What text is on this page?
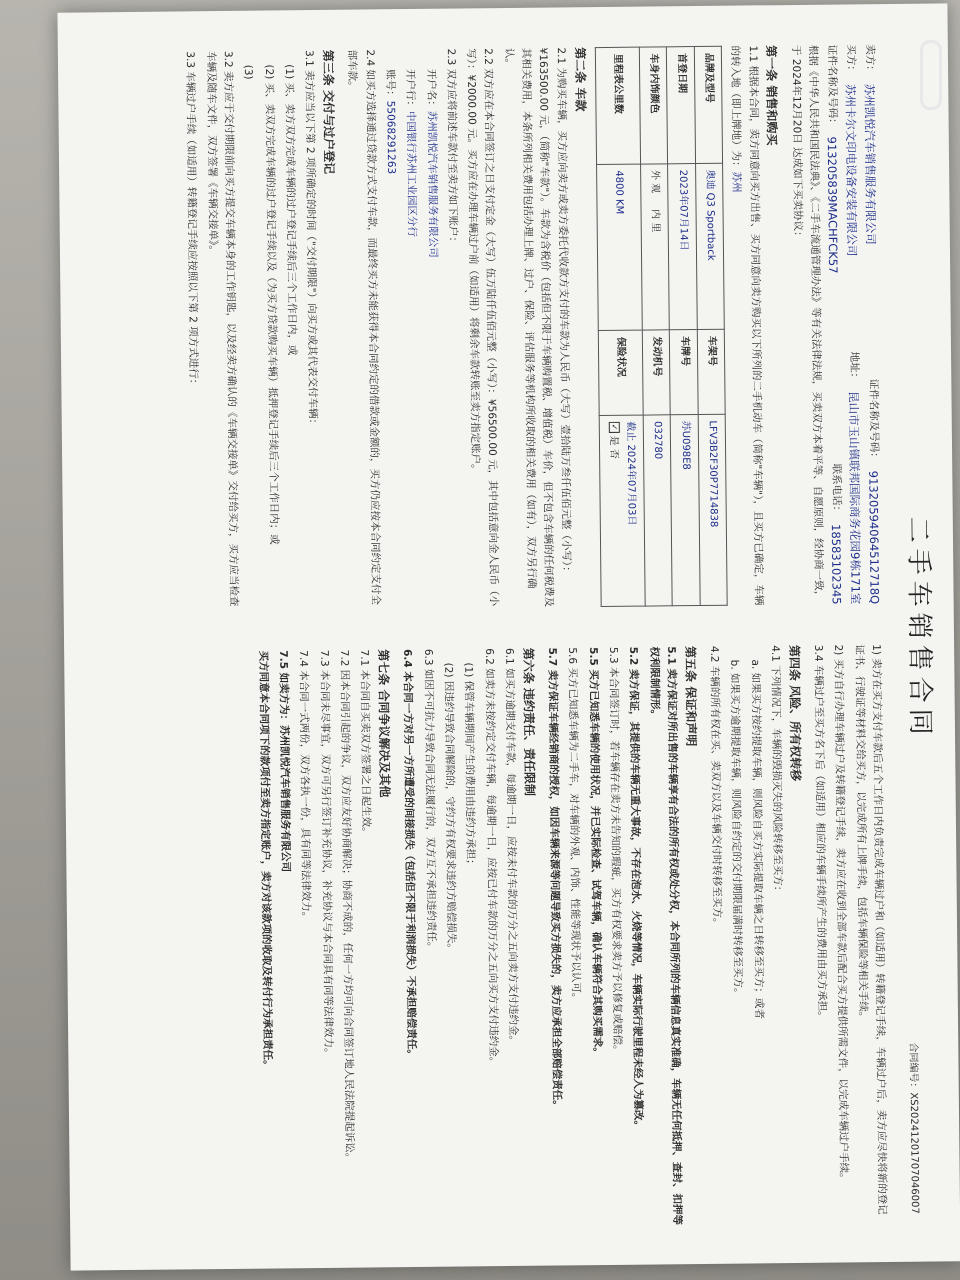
二手车销售合同
合同编号：XS20241201707046007
卖方：
苏州凯悦汽车销售服务有限公司
证件名称及号码：
91320594064512718Q
买方：
苏州卡尔文印电设备安装有限公司
地址：
昆山市玉山镇联邦国际商务花园9栋171室
证件名称及号码：
913205839MACHFCK57
联系电话：
18583102345

根据《中华人民共和国民法典》、《二手车流通管理办法》等有关法律法规，买卖双方本着平等、自愿原则，经协商一致，于 2024年12月20日 达成如下买卖协议：

第一条 销售和购买

1.1 根据本合同，卖方同意向买方出售、买方同意向卖方购买以下所列的二手机动车（简称"车辆"），且买方已确定，车辆的转入地（即上牌地）为：苏州

品牌及型号	奥迪 Q3 Sportback	车架号	LFV3B2F30P7714838
首登日期	2023年07月14日	车牌号	苏U098E8
车身内饰颜色	外 观     内 里	发动机号	032780
里程表公里数	4800 KM	保险状况	截止 2024年07月03日
✓ 是 否
第二条 车款

2.1 为购买车辆，买方应向卖方或卖方委托代收款方支付的车款为人民币（大写）壹拾陆万叁仟伍佰元整（小写）：¥163500.00 元，（简称"车款"）。车款为含税价（包括但不限于车辆购置税、增值税）车价，但不包含车辆的任何税费及其相关费用，本条所列相关费用包括办理上牌、过户、保险、评估服务等机构所收取的相关费用（如有），双方另行确认。

2.2 双方应在本合同签订之日支付定金（大写）伍万陆仟伍佰元整（小写）：¥56500.00 元，其中包括意向金人民币（小写）：¥2000.00 元。买方应在办理车辆过户前（如适用）将剩余车款转账至卖方指定账户。

2.3 双方应将前述车款付至卖方如下账户：

开户名：苏州凯悦汽车销售服务有限公司

开户行：中国银行苏州工业园区分行

账号：55068291263

2.4 如买方选择通过贷款方式支付车款，而最终买方未能获得本合同约定的借款或金额的，买方仍应按本合同约定支付全部车款。

第三条 交付与过户登记

3.1 卖方应当以下第 2 项所确定的时间（"交付期限"）向买方或其代表交付车辆：

(1) 买、卖方双方完成车辆的过户登记手续后三个工作日内，或

(2) 买、卖双方完成车辆的过户登记手续以及（为买方贷款购买车辆）抵押登记手续后三个工作日内；或

(3)

3.2 卖方应于交付期限前向买方提交车辆本身的工作钥匙，以及经卖方确认的《车辆交接单》交付给买方，买方应当检查车辆及随车文件，双方签署《车辆交接单》。

3.3 车辆过户手续（如适用）转籍登记手续应按照以下第 2 项方式进行：

1) 卖方在买方支付车款后五个工作日内负责完成车辆过户和（如适用）转籍登记手续，车辆过户后，卖方应尽快将新的登记证书、行驶证等材料交给买方，以完成所有上牌手续，包括车辆保险等相关手续。

2) 买方自行办理车辆过户及转籍登记手续，卖方应在收到全部车款后配合买方提供所需文件，以完成车辆过户手续。

3.4 车辆过户至买方名下后（如适用）相应的车辆手续所产生的费用由买方承担。

第四条 风险、所有权转移

4.1 下列情况下，车辆的毁损灭失的风险转移至买方：

a. 如果买方按约提取车辆，则风险自买方实际提取车辆之日转移至买方；或者

b. 如果买方逾期提取车辆，则风险自约定的交付期限届满时转移至买方。

4.2 车辆的所有权在买、卖双方以及车辆交付时转移至买方。

第五条 保证和声明

5.1 卖方保证对所出售的车辆享有合法的所有权或处分权，本合同所列的车辆信息真实准确，车辆无任何抵押、查封、扣押等权利限制情形。

5.2 卖方保证，其提供的车辆无重大事故，不存在泡水、火烧等情况，车辆实际行驶里程未经人为篡改。

5.3 本合同签订时，若车辆存在卖方未告知的瑕疵，买方有权要求卖方予以修复或赔偿。

5.5 买方已知悉车辆的使用状况，并已实际检查、试驾车辆，确认车辆符合其购买需求。

5.6 买方已知悉车辆为二手车，对车辆的外观、内饰、性能等现状予以认可。

5.7 卖方保证车辆经销商的授权，如因车辆来源等问题导致买方损失的，卖方应承担全部赔偿责任。

第六条 违约责任、责任限制

6.1 如买方逾期支付车款，每逾期一日，应按未付车款的万分之五向卖方支付违约金。

6.2 如卖方未按约定交付车辆，每逾期一日，应按已付车款的万分之五向买方支付违约金。

(1) 保管车辆期间产生的费用由违约方承担；

(2) 因违约导致合同解除的，守约方有权要求违约方赔偿损失。

6.3 如因不可抗力导致合同无法履行的，双方互不承担违约责任。

6.4 本合同一方对另一方所遭受的间接损失（包括但不限于利润损失）不承担赔偿责任。

第七条 合同争议解决及其他

7.1 本合同自买卖双方签署之日起生效。

7.2 因本合同引起的争议，双方应友好协商解决；协商不成的，任何一方均可向合同签订地人民法院提起诉讼。

7.3 本合同未尽事宜，双方可另行签订补充协议，补充协议与本合同具有同等法律效力。

7.4 本合同一式两份，双方各执一份，具有同等法律效力。

7.5 如卖方为：苏州凯悦汽车销售服务有限公司

买方同意本合同项下的款项付至卖方指定账户，卖方对该款项的收取及转付行为承担责任。
